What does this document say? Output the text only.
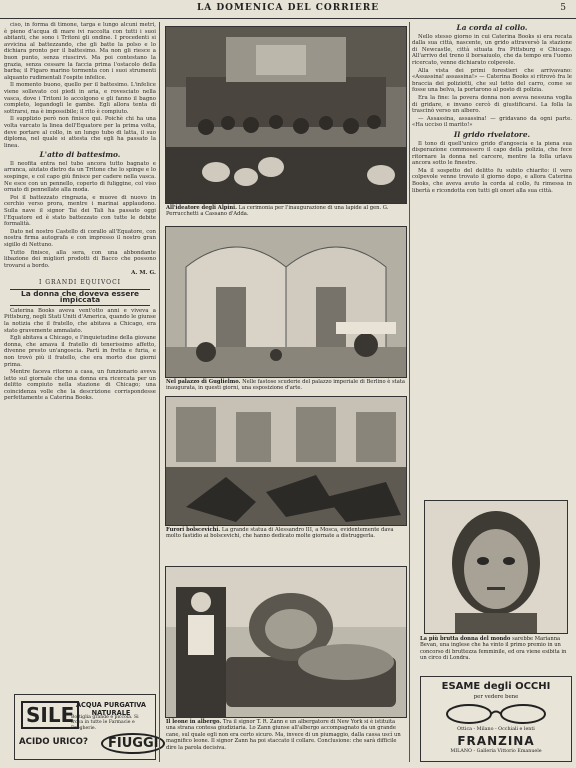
LA DOMENICA DEL CORRIERE	5

ciso, in forma di timone, targa e lungo alcuni metri, è pieno d'acqua di mare ivi raccolta con tutti i suoi abitanti, che sono i Tritoni gli ondine. I procedenti si avvicina al battezzando, che gli batte la polso e lo dichiara pronto per il battesimo. Ma non gli riesce a buon punto, senza riuscirvi. Ma poi contestano la grazia, senza cessare la faccia prima l'ostacolo della barba; il Figaro marino tormenta con i suoi strumenti alquanto rudimentali l'ospite infelice.

Il momento buono, quello per il battesimo. L'infelice viene sollevato coi piedi in aria, e rovesciato nella vasca, dove i Tritoni lo accolgono e gli fanno il bagno completo, legandogli le gambe. Egli allora tenta di sottrarsi, ma è impossibile; il rito è compiuto.

Il supplizio però non finisce qui. Poichè chi ha una volta varcato la linea dell'Equatore per la prima volta, deve portare al collo, in un lungo tubo di latta, il suo diploma, nel quale si attesta che egli ha passato la linea.

L'atto di battesimo.

Il neofita entra nel tubo ancora tutto bagnato e arranca, aiutato dietro da un Tritone che lo spinge e lo sospinge, e col capo giù finisce per cadere nella vasca. Ne esce con un pennello, coperto di fuliggine, col viso ornato di pennellate alla moda.

Poi il battezzato ringrazia, e muove di nuovo in cerchio verso prora, mentre i marinai applaudono. Sulla nave il signor Tai dei Tali ha passato oggi l'Equatore ed è stato battezzato con tutte le debite formalità.

Dato nel nostro Castello di corallo all'Equatore, con nostra firma autografa e con impresso il nostro gran sigillo di Nettuno.

Tutto finisce, alla sera, con una abbondante libazione dei migliori prodotti di Bacco che possono trovarsi a bordo.

A. M. G.
I GRANDI EQUIVOCI
La donna che doveva essere impiccata

Caterina Books aveva vent'otto anni e viveva a Pittsburg, negli Stati Uniti d'America, quando le giunse la notizia che il fratello, che abitava a Chicago, era stato gravemente ammalato.

Egli abitava a Chicago, e l'inquietudine della giovane donna, che amava il fratello di tenerissimo affetto, divenne presto un'angoscia. Partì in fretta e furia, e non trovò più il fratello, che era morto due giorni prima.

Mentre faceva ritorno a casa, un funzionario aveva letto sul giornale che una donna era ricercata per un delitto compiuto nella stazione di Chicago; una coincidenza volle che la descrizione corrispondesse perfettamente a Caterina Books.

SILE ACQUA PURGATIVA NATURALE
Bottiglia grande e piccola. Si trova in tutte le Farmacie e Drogherie.
ACIDO URICO?	FIUGGI
All'ideatore degli Alpini. La cerimonia per l'inaugurazione di una lapide al gen. G. Perrucchetti a Cassano d'Adda.
Nel palazzo di Guglielmo. Nelle fastose scuderie del palazzo imperiale di Berlino è stata inaugurata, in questi giorni, una esposizione d'arte.
Furori bolscevichi. La grande statua di Alessandro III, a Mosca, evidentemente dava molto fastidio ai bolscevichi, che hanno dedicato molte giornate a distruggerla.
Il leone in albergo. Tra il signor T. R. Zann e un albergatore di New York si è istituita una strana contesa giudiziaria. Lo Zann giunse all'albergo accompagnato da un grande cane, sul quale egli non era certo sicuro. Ma, invece di un piumaggio, dalla cassa uscì un magnifico leone. Il signor Zann ha poi staccato il collare. Conclusione: che sarà difficile dire la parola decisiva.
La corda al collo.

Nello stesso giorno in cui Caterina Books si era recata dalla sua città, nascente, un grido attraversò la stazione di Newcastle, città situata fra Pittsburg e Chicago. All'arrivo del treno il borsaiuolo, che da tempo era l'uomo ricercato, venne dichiarato colpevole.

Alla vista dei primi forestieri che arrivavano: «Assassina! assassina!» — Caterina Books si ritrovò fra le braccia dei poliziotti, che sul tetto del carro, come se fosse una belva, la portarono al posto di polizia.

Era la fine: la povera donna non aveva nessuna voglia di gridare, e invano cercò di giustificarsi. La folla la trascinò verso un albero.

— Assassina, assassina! — gridavano da ogni parte. «Ha ucciso il marito!»

Il grido rivelatore.

Il tono di quell'unico grido d'angoscia e la piena sua disperazione commossero il capo della polizia, che fece ritornare la donna nel carcere, mentre la folla urlava ancora sotto le finestre.

Ma il sospetto del delitto fu subito chiarito: il vero colpevole venne trovato il giorno dopo, e allora Caterina Books, che aveva avuto la corda al collo, fu rimessa in libertà e ricondotta con tutti gli onori alla sua città.

La più brutta donna del mondo sarebbe Marianna Bevan, una inglese che ha vinto il primo premio in un concorso di bruttezza femminile, ed ora viene esibita in un circo di Londra.
ESAME degli OCCHI
per vedere bene
Ottica - Milano - Occhiali e lenti
FRANZINA
MILANO - Galleria Vittorio Emanuele
